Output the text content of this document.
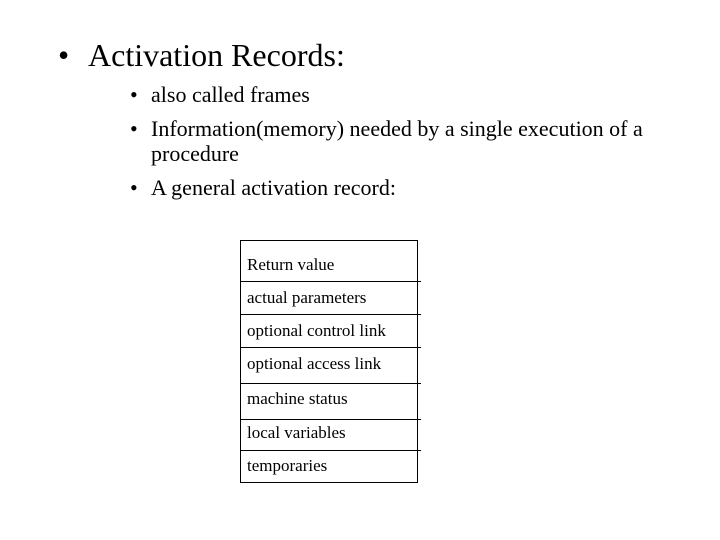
• Activation Records:
• also called frames
• Information(memory) needed by a single execution of a procedure
• A general activation record:
Return value
actual parameters
optional control link
optional access link
machine status
local variables
temporaries
